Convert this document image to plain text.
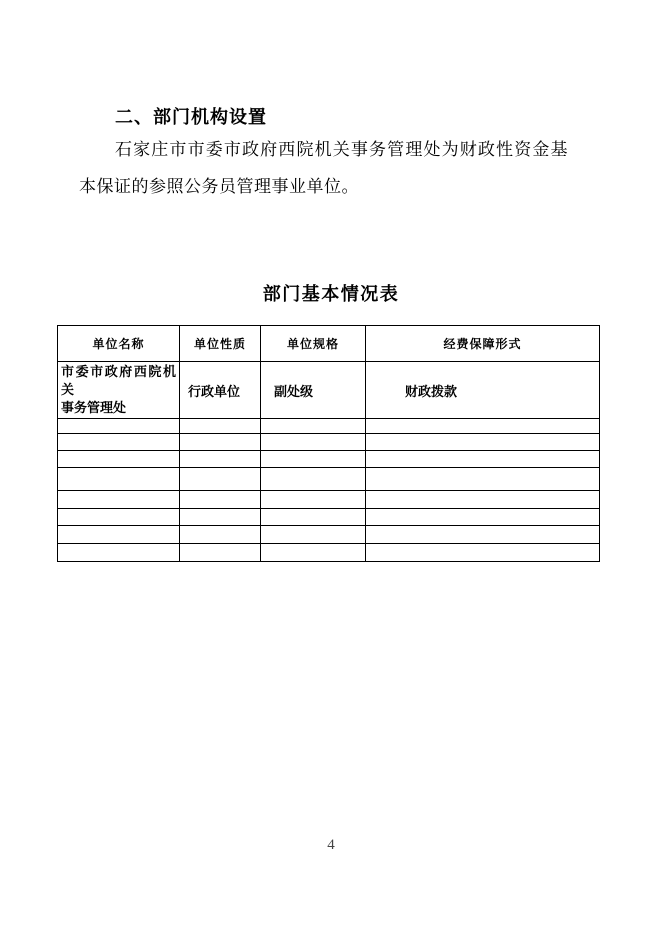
二、部门机构设置
石家庄市市委市政府西院机关事务管理处为财政性资金基
本保证的参照公务员管理事业单位。
部门基本情况表
单位名称	单位性质	单位规格	经费保障形式

市委市政府西院机关
事务管理处	行政单位	副处级	财政拨款

4
